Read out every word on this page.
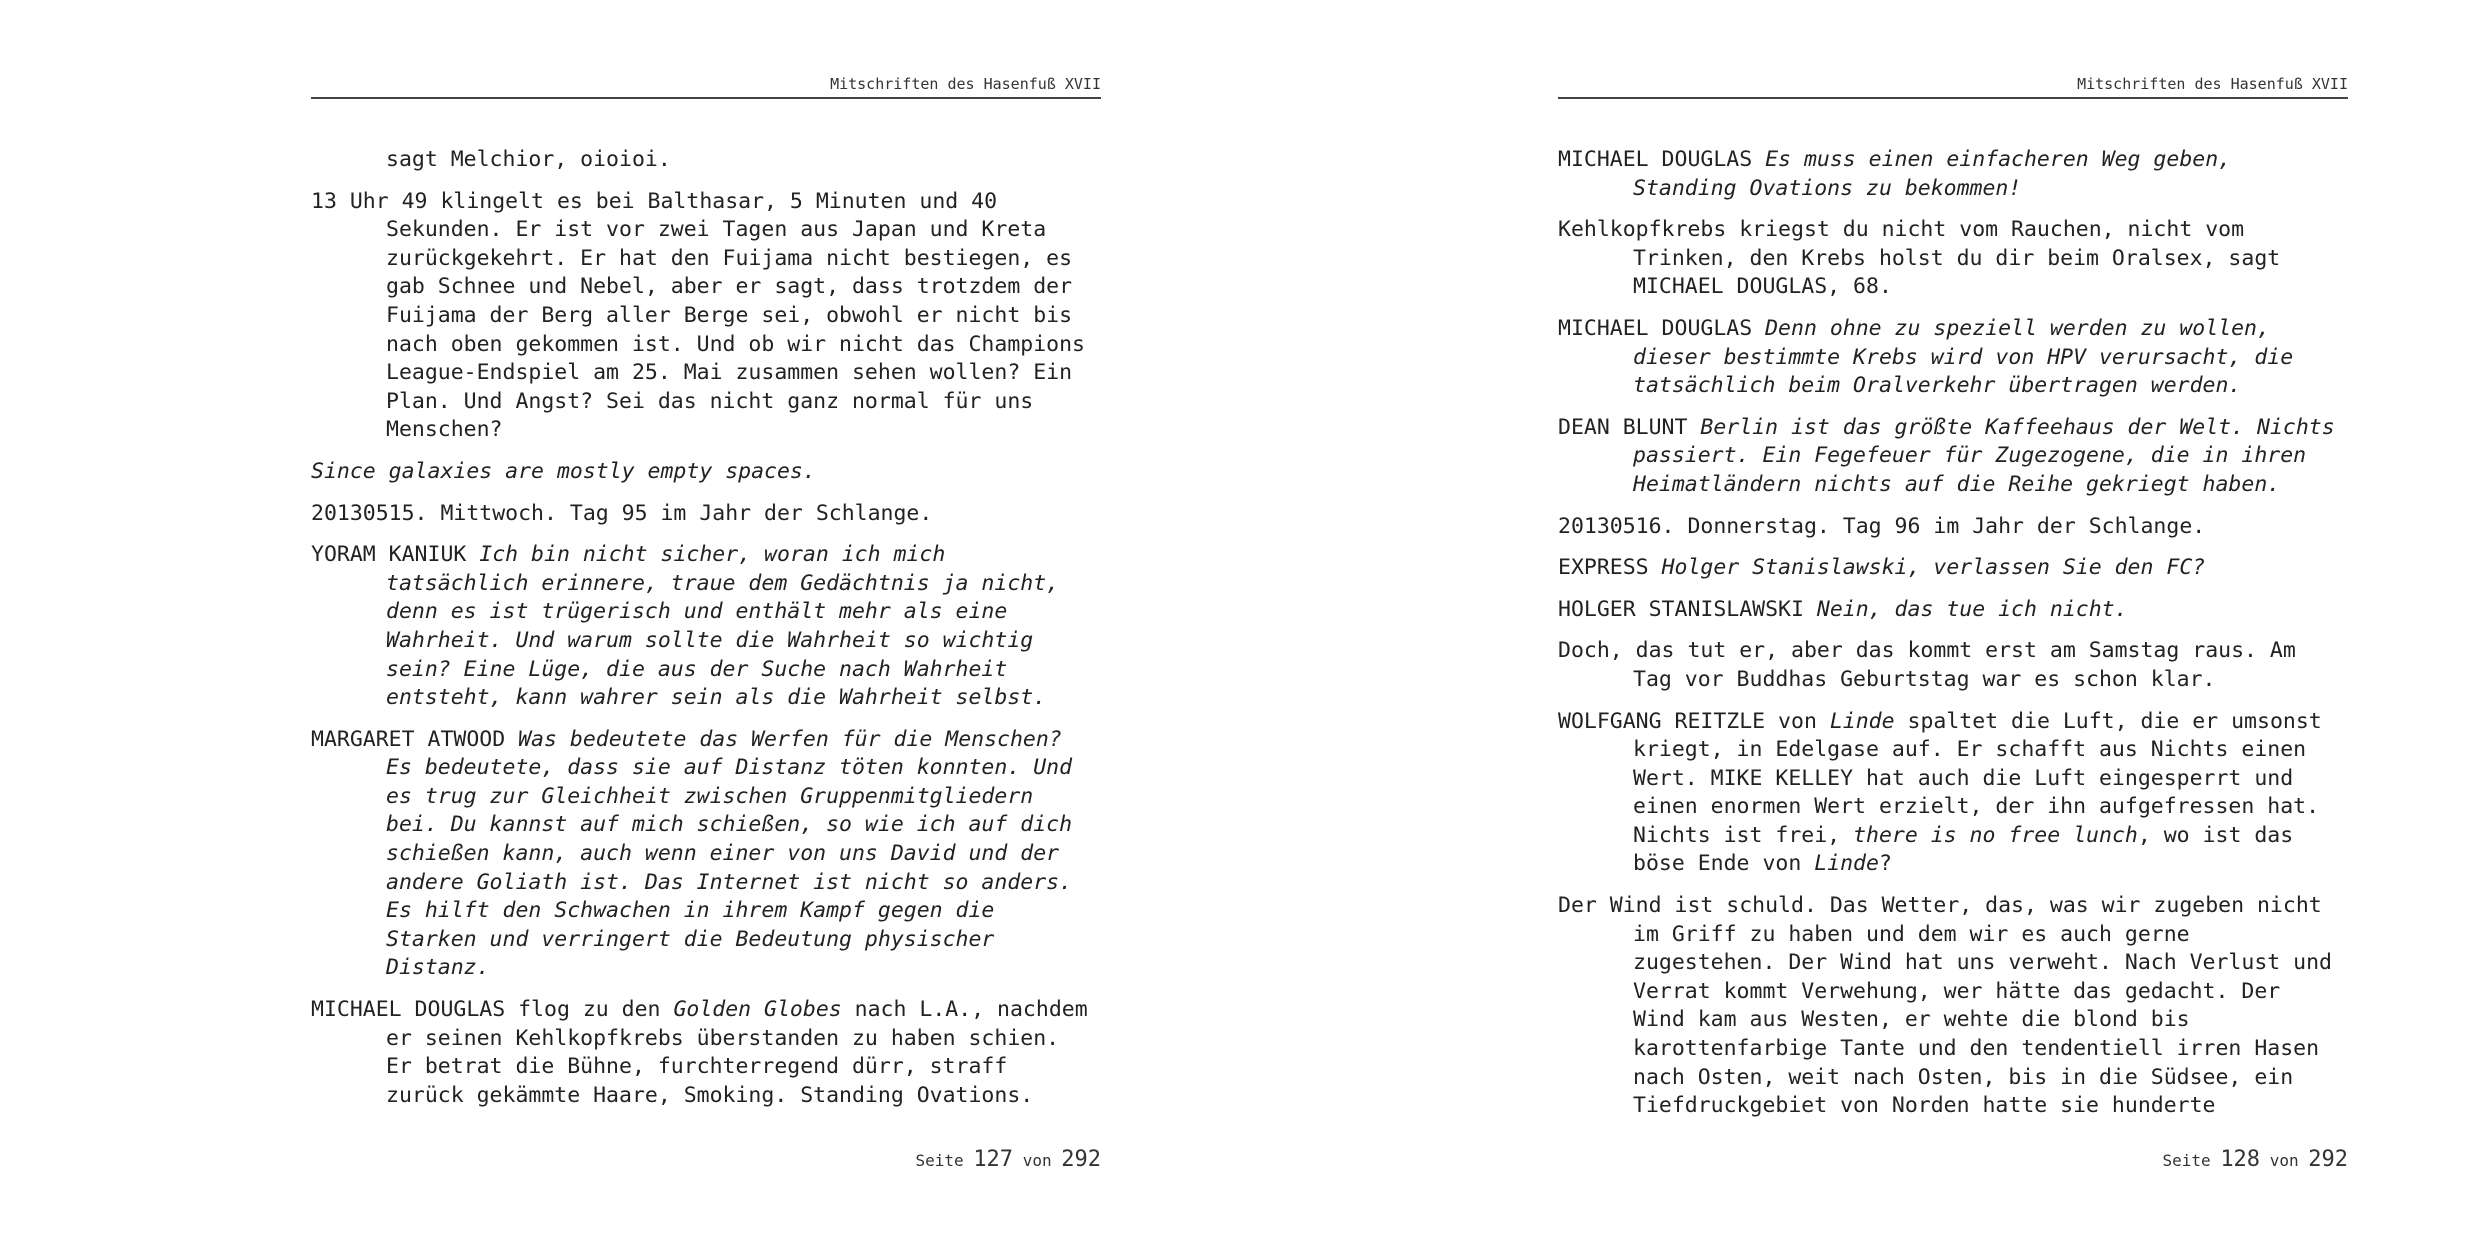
Mitschriften des Hasenfuß XVII

sagt Melchior, oioioi.

13 Uhr 49 klingelt es bei Balthasar, 5 Minuten und 40
Sekunden. Er ist vor zwei Tagen aus Japan und Kreta
zurückgekehrt. Er hat den Fuijama nicht bestiegen, es
gab Schnee und Nebel, aber er sagt, dass trotzdem der
Fuijama der Berg aller Berge sei, obwohl er nicht bis
nach oben gekommen ist. Und ob wir nicht das Champions
League-Endspiel am 25. Mai zusammen sehen wollen? Ein
Plan. Und Angst? Sei das nicht ganz normal für uns
Menschen?

Since galaxies are mostly empty spaces.

20130515. Mittwoch. Tag 95 im Jahr der Schlange.

YORAM KANIUK Ich bin nicht sicher, woran ich mich
tatsächlich erinnere, traue dem Gedächtnis ja nicht,
denn es ist trügerisch und enthält mehr als eine
Wahrheit. Und warum sollte die Wahrheit so wichtig
sein? Eine Lüge, die aus der Suche nach Wahrheit
entsteht, kann wahrer sein als die Wahrheit selbst.

MARGARET ATWOOD Was bedeutete das Werfen für die Menschen?
Es bedeutete, dass sie auf Distanz töten konnten. Und
es trug zur Gleichheit zwischen Gruppenmitgliedern
bei. Du kannst auf mich schießen, so wie ich auf dich
schießen kann, auch wenn einer von uns David und der
andere Goliath ist. Das Internet ist nicht so anders.
Es hilft den Schwachen in ihrem Kampf gegen die
Starken und verringert die Bedeutung physischer
Distanz.

MICHAEL DOUGLAS flog zu den Golden Globes nach L.A., nachdem
er seinen Kehlkopfkrebs überstanden zu haben schien.
Er betrat die Bühne, furchterregend dürr, straff
zurück gekämmte Haare, Smoking. Standing Ovations.

Seite 127 von 292
Mitschriften des Hasenfuß XVII

MICHAEL DOUGLAS Es muss einen einfacheren Weg geben,
Standing Ovations zu bekommen!

Kehlkopfkrebs kriegst du nicht vom Rauchen, nicht vom
Trinken, den Krebs holst du dir beim Oralsex, sagt
MICHAEL DOUGLAS, 68.

MICHAEL DOUGLAS Denn ohne zu speziell werden zu wollen,
dieser bestimmte Krebs wird von HPV verursacht, die
tatsächlich beim Oralverkehr übertragen werden.

DEAN BLUNT Berlin ist das größte Kaffeehaus der Welt. Nichts
passiert. Ein Fegefeuer für Zugezogene, die in ihren
Heimatländern nichts auf die Reihe gekriegt haben.

20130516. Donnerstag. Tag 96 im Jahr der Schlange.

EXPRESS Holger Stanislawski, verlassen Sie den FC?

HOLGER STANISLAWSKI Nein, das tue ich nicht.

Doch, das tut er, aber das kommt erst am Samstag raus. Am
Tag vor Buddhas Geburtstag war es schon klar.

WOLFGANG REITZLE von Linde spaltet die Luft, die er umsonst
kriegt, in Edelgase auf. Er schafft aus Nichts einen
Wert. MIKE KELLEY hat auch die Luft eingesperrt und
einen enormen Wert erzielt, der ihn aufgefressen hat.
Nichts ist frei, there is no free lunch, wo ist das
böse Ende von Linde?

Der Wind ist schuld. Das Wetter, das, was wir zugeben nicht
im Griff zu haben und dem wir es auch gerne
zugestehen. Der Wind hat uns verweht. Nach Verlust und
Verrat kommt Verwehung, wer hätte das gedacht. Der
Wind kam aus Westen, er wehte die blond bis
karottenfarbige Tante und den tendentiell irren Hasen
nach Osten, weit nach Osten, bis in die Südsee, ein
Tiefdruckgebiet von Norden hatte sie hunderte

Seite 128 von 292
